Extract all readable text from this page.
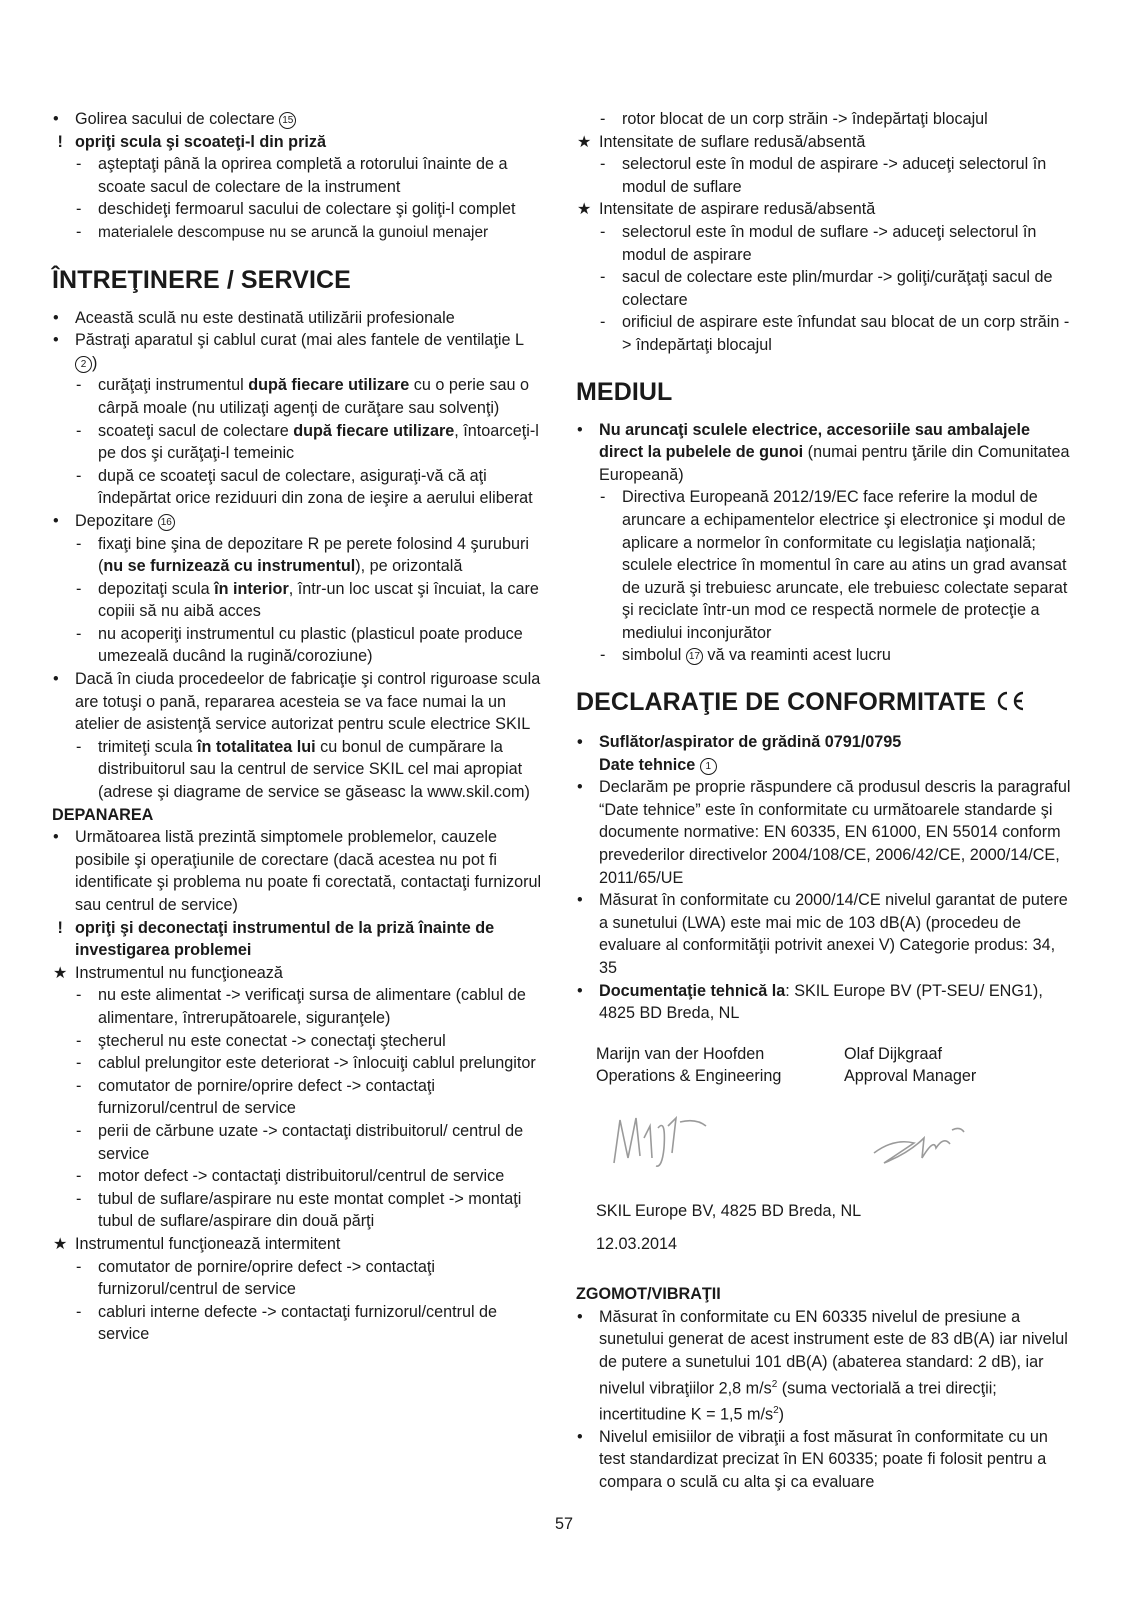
• Golirea sacului de colectare 15
! opriţi scula şi scoateţi-l din priză
- aşteptaţi până la oprirea completă a rotorului înainte de a scoate sacul de colectare de la instrument
- deschideţi fermoarul sacului de colectare şi goliţi-l complet
- materialele descompuse nu se aruncă la gunoiul menajer
ÎNTREŢINERE / SERVICE
• Această sculă nu este destinată utilizării profesionale
• Păstraţi aparatul şi cablul curat (mai ales fantele de ventilaţie L 2 )
- curăţaţi instrumentul după fiecare utilizare cu o perie sau o cârpă moale (nu utilizaţi agenţi de curăţare sau solvenţi)
- scoateţi sacul de colectare după fiecare utilizare, întoarceţi-l pe dos şi curăţaţi-l temeinic
- după ce scoateţi sacul de colectare, asiguraţi-vă că aţi îndepărtat orice reziduuri din zona de ieşire a aerului eliberat
• Depozitare 16
- fixaţi bine şina de depozitare R pe perete folosind 4 şuruburi (nu se furnizează cu instrumentul), pe orizontală
- depozitaţi scula în interior, într-un loc uscat şi încuiat, la care copiii să nu aibă acces
- nu acoperiţi instrumentul cu plastic (plasticul poate produce umezeală ducând la rugină/coroziune)
• Dacă în ciuda procedeelor de fabricaţie şi control riguroase scula are totuşi o pană, repararea acesteia se va face numai la un atelier de asistenţă service autorizat pentru scule electrice SKIL
- trimiteţi scula în totalitatea lui cu bonul de cumpărare la distribuitorul sau la centrul de service SKIL cel mai apropiat (adrese şi diagrame de service se găseasc la www.skil.com)
DEPANAREA
• Următoarea listă prezintă simptomele problemelor, cauzele posibile şi operaţiunile de corectare (dacă acestea nu pot fi identificate şi problema nu poate fi corectată, contactaţi furnizorul sau centrul de service)
! opriţi şi deconectaţi instrumentul de la priză înainte de investigarea problemei
★ Instrumentul nu funcţionează
- nu este alimentat -> verificaţi sursa de alimentare (cablul de alimentare, întrerupătoarele, siguranţele)
- ştecherul nu este conectat -> conectaţi ştecherul
- cablul prelungitor este deteriorat -> înlocuiţi cablul prelungitor
- comutator de pornire/oprire defect -> contactaţi furnizorul/centrul de service
- perii de cărbune uzate -> contactaţi distribuitorul/ centrul de service
- motor defect -> contactaţi distribuitorul/centrul de service
- tubul de suflare/aspirare nu este montat complet -> montaţi tubul de suflare/aspirare din două părţi
★ Instrumentul funcţionează intermitent
- comutator de pornire/oprire defect -> contactaţi furnizorul/centrul de service
- cabluri interne defecte -> contactaţi furnizorul/centrul de service
- rotor blocat de un corp străin -> îndepărtaţi blocajul
★ Intensitate de suflare redusă/absentă
- selectorul este în modul de aspirare -> aduceţi selectorul în modul de suflare
★ Intensitate de aspirare redusă/absentă
- selectorul este în modul de suflare -> aduceţi selectorul în modul de aspirare
- sacul de colectare este plin/murdar -> goliţi/curăţaţi sacul de colectare
- orificiul de aspirare este înfundat sau blocat de un corp străin -> îndepărtaţi blocajul
MEDIUL
• Nu aruncaţi sculele electrice, accesoriile sau ambalajele direct la pubelele de gunoi (numai pentru ţările din Comunitatea Europeană)
- Directiva Europeană 2012/19/EC face referire la modul de aruncare a echipamentelor electrice şi electronice şi modul de aplicare a normelor în conformitate cu legislaţia naţională; sculele electrice în momentul în care au atins un grad avansat de uzură şi trebuiesc aruncate, ele trebuiesc colectate separat şi reciclate într-un mod ce respectă normele de protecţie a mediului inconjurător
- simbolul 17 vă va reaminti acest lucru
DECLARAŢIE DE CONFORMITATE
• Suflător/aspirator de grădină 0791/0795
Date tehnice 1
• Declarăm pe proprie răspundere că produsul descris la paragraful “Date tehnice” este în conformitate cu următoarele standarde şi documente normative: EN 60335, EN 61000, EN 55014 conform prevederilor directivelor 2004/108/CE, 2006/42/CE, 2000/14/CE, 2011/65/UE
• Măsurat în conformitate cu 2000/14/CE nivelul garantat de putere a sunetului (LWA) este mai mic de 103 dB(A) (procedeu de evaluare al conformităţii potrivit anexei V) Categorie produs: 34, 35
• Documentaţie tehnică la: SKIL Europe BV (PT-SEU/ ENG1), 4825 BD Breda, NL
Marijn van der Hoofden
Operations & Engineering
Olaf Dijkgraaf
Approval Manager
SKIL Europe BV, 4825 BD Breda, NL
12.03.2014
ZGOMOT/VIBRAŢII
• Măsurat în conformitate cu EN 60335 nivelul de presiune a sunetului generat de acest instrument este de 83 dB(A) iar nivelul de putere a sunetului 101 dB(A) (abaterea standard: 2 dB), iar nivelul vibraţiilor 2,8 $m/s^2$ (suma vectorială a trei direcţii; incertitudine K = 1,5 $m/s^2$)
• Nivelul emisiilor de vibraţii a fost măsurat în conformitate cu un test standardizat precizat în EN 60335; poate fi folosit pentru a compara o sculă cu alta şi ca evaluare
57
